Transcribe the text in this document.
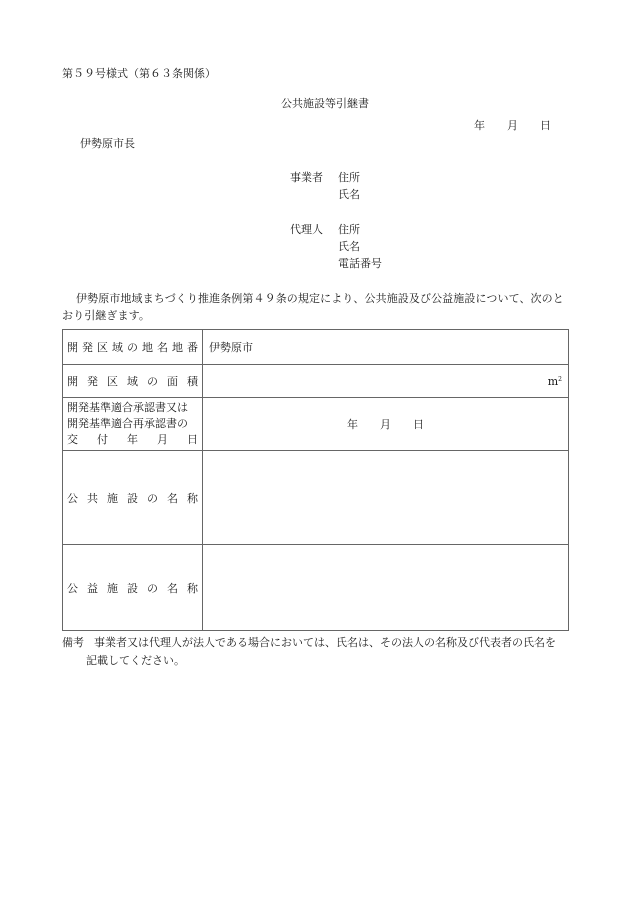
第５９号様式（第６３条関係）
公共施設等引継書
年 月 日
伊勢原市長
事業者 住所
氏名
代理人 住所
氏名
電話番号
伊勢原市地域まちづくり推進条例第４９条の規定により、公共施設及び公益施設について、次のとおり引継ぎます。
開 発 区 域 の 地 名 地 番	伊勢原市

開 発 区 域 の 面 積	$m^2$

開発基準適合承認書又は
開発基準適合再承認書の
交 付 年 月 日
	年 月 日

公 共 施 設 の 名 称

公 益 施 設 の 名 称

備考 事業者又は代理人が法人である場合においては、氏名は、その法人の名称及び代表者の氏名を
記載してください。
